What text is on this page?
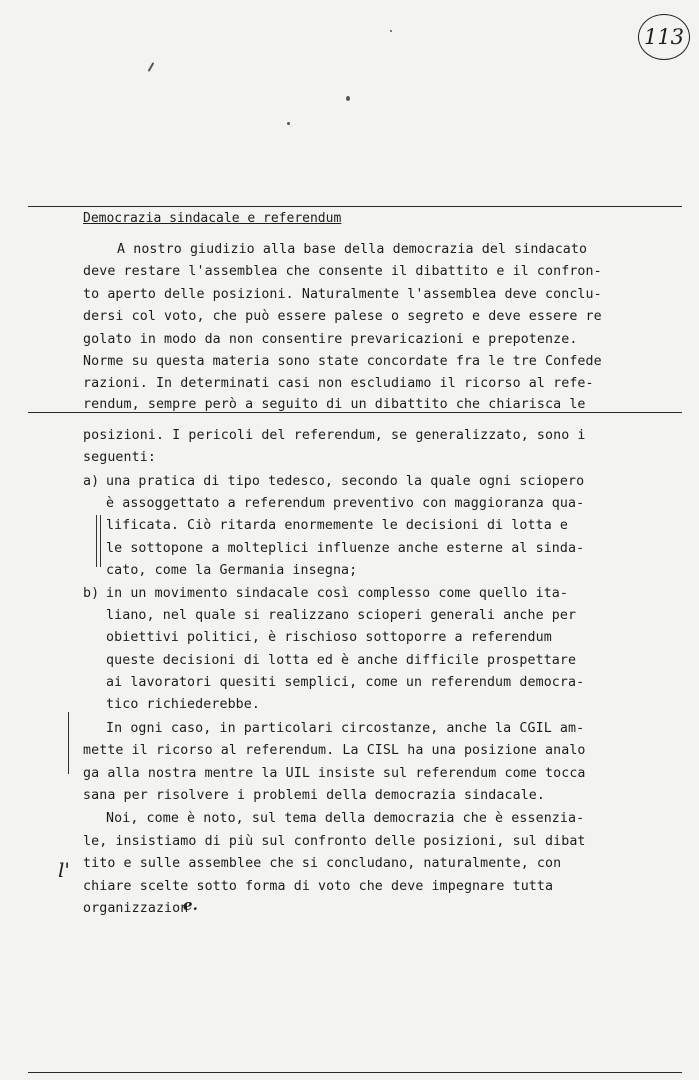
113
Democrazia sindacale e referendum
A nostro giudizio alla base della democrazia del sindacato
deve restare l'assemblea che consente il dibattito e il confron-
to aperto delle posizioni. Naturalmente l'assemblea deve conclu-
dersi col voto, che può essere palese o segreto e deve essere re
golato in modo da non consentire prevaricazioni e prepotenze.
Norme su questa materia sono state concordate fra le tre Confede
razioni. In determinati casi non escludiamo il ricorso al refe-
rendum, sempre però a seguito di un dibattito che chiarisca le
posizioni. I pericoli del referendum, se generalizzato, sono i
seguenti:
a) una pratica di tipo tedesco, secondo la quale ogni sciopero
è assoggettato a referendum preventivo con maggioranza qua-
lificata. Ciò ritarda enormemente le decisioni di lotta e
le sottopone a molteplici influenze anche esterne al sinda-
cato, come la Germania insegna;
b) in un movimento sindacale così complesso come quello ita-
liano, nel quale si realizzano scioperi generali anche per
obiettivi politici, è rischioso sottoporre a referendum
queste decisioni di lotta ed è anche difficile prospettare
ai lavoratori quesiti semplici, come un referendum democra-
tico richiederebbe.
In ogni caso, in particolari circostanze, anche la CGIL am-
mette il ricorso al referendum. La CISL ha una posizione analo
ga alla nostra mentre la UIL insiste sul referendum come tocca
sana per risolvere i problemi della democrazia sindacale.
Noi, come è noto, sul tema della democrazia che è essenzia-
le, insistiamo di più sul confronto delle posizioni, sul dibat
tito e sulle assemblee che si concludano, naturalmente, con
chiare scelte sotto forma di voto che deve impegnare tutta
organizzazion
e.
l'
